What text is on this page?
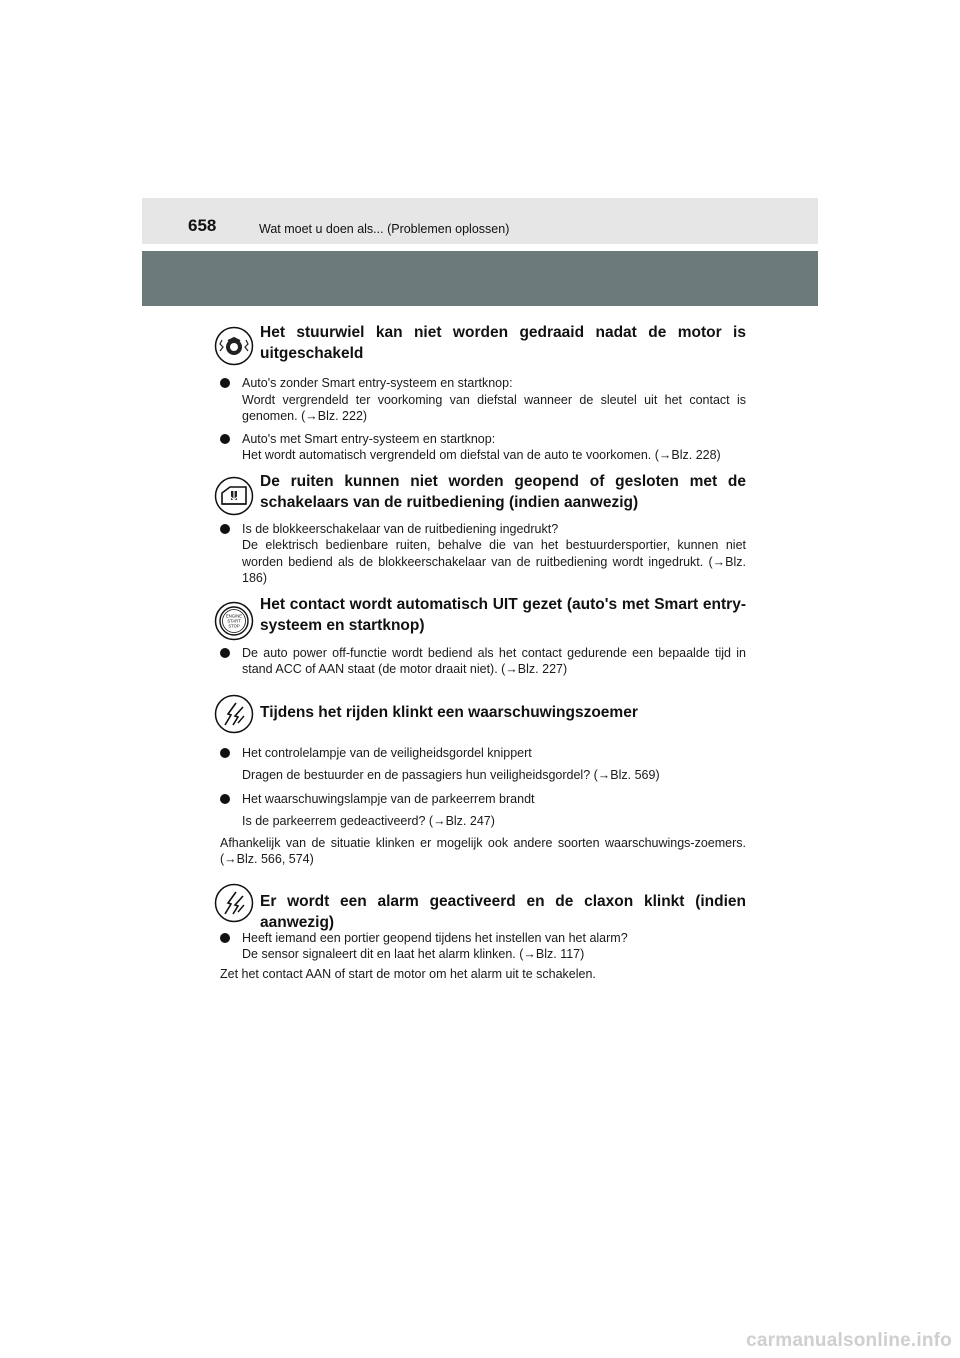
658	Wat moet u doen als... (Problemen oplossen)
Het stuurwiel kan niet worden gedraaid nadat de motor is uitgeschakeld

Auto's zonder Smart entry-systeem en startknop:

Wordt vergrendeld ter voorkoming van diefstal wanneer de sleutel uit het contact is genomen. (→Blz. 222)

Auto's met Smart entry-systeem en startknop:

Het wordt automatisch vergrendeld om diefstal van de auto te voorkomen. (→Blz. 228)

De ruiten kunnen niet worden geopend of gesloten met de schakelaars van de ruitbediening (indien aanwezig)

Is de blokkeerschakelaar van de ruitbediening ingedrukt?

De elektrisch bedienbare ruiten, behalve die van het bestuurdersportier, kunnen niet worden bediend als de blokkeerschakelaar van de ruitbediening wordt ingedrukt. (→Blz. 186)

ENGINE
START
STOP
Het contact wordt automatisch UIT gezet (auto's met Smart entry-systeem en startknop)

De auto power off-functie wordt bediend als het contact gedurende een bepaalde tijd in stand ACC of AAN staat (de motor draait niet). (→Blz. 227)

Tijdens het rijden klinkt een waarschuwingszoemer

Het controlelampje van de veiligheidsgordel knippert

Dragen de bestuurder en de passagiers hun veiligheidsgordel? (→Blz. 569)

Het waarschuwingslampje van de parkeerrem brandt

Is de parkeerrem gedeactiveerd? (→Blz. 247)

Afhankelijk van de situatie klinken er mogelijk ook andere soorten waarschuwings-zoemers. (→Blz. 566, 574)
Er wordt een alarm geactiveerd en de claxon klinkt (indien aanwezig)

Heeft iemand een portier geopend tijdens het instellen van het alarm?

De sensor signaleert dit en laat het alarm klinken. (→Blz. 117)

Zet het contact AAN of start de motor om het alarm uit te schakelen.
carmanualsonline.info
